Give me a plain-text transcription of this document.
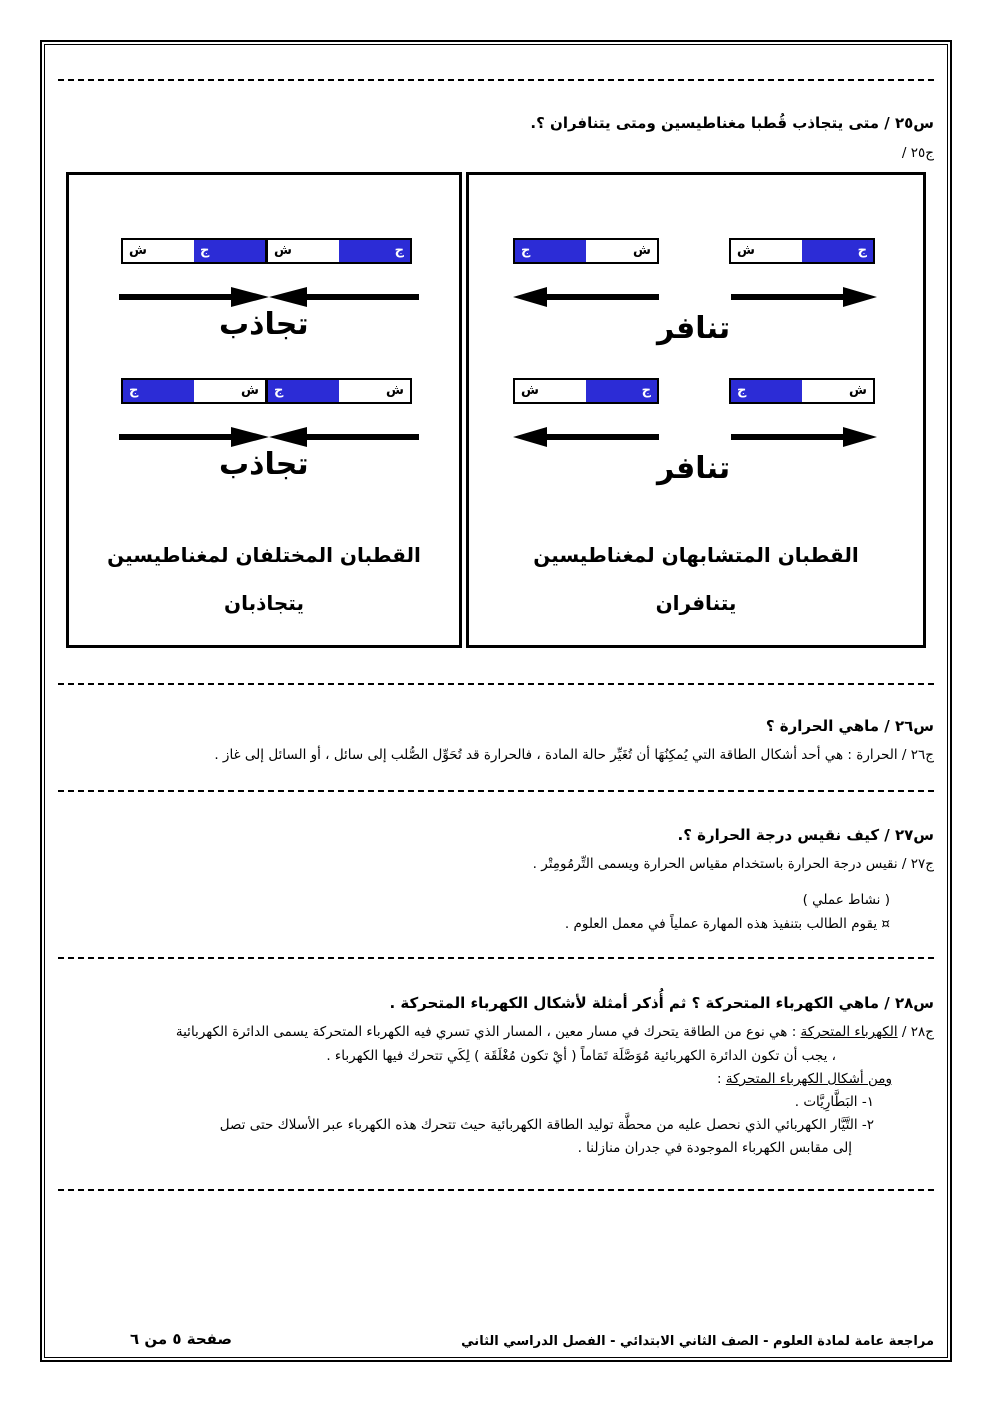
س٢٥ / متى يتجاذب قُطبا مغناطيسين ومتى يتنافران ؟.
ج٢٥ /
ش	ج	ش	ج
تجاذب
ج	ش ج	ش
تجاذب
القطبان المختلفان لمغناطيسين
يتجاذبان
ج	ش	ش	ج
تنافر
ش	ج	ج	ش
تنافر
القطبان المتشابهان لمغناطيسين
يتنافران
س٢٦ / ماهي الحرارة ؟
ج٢٦ / الحرارة : هي أحد أشكال الطاقة التي يُمكِنُهَا أن تُغَيِّر حالة المادة ، فالحرارة قد تُحَوِّل الصُّلب إلى سائل ، أو السائل إلى غاز .
س٢٧ / كيف نقيس درجة الحرارة ؟.
ج٢٧ / نقيس درجة الحرارة باستخدام مقياس الحرارة ويسمى التِّرمُومِتْر .
( نشاط عملي )
¤ يقوم الطالب بتنفيذ هذه المهارة عملياً في معمل العلوم .
س٢٨ / ماهي الكهرباء المتحركة ؟ ثم أُذكر أمثلة لأشكال الكهرباء المتحركة .
ج٢٨ / الكهرباء المتحركة : هي نوع من الطاقة يتحرك في مسار معين ، المسار الذي تسري فيه الكهرباء المتحركة يسمى الدائرة الكهربائية
، يجب أن تكون الدائرة الكهربائية مُوَصَّلَة تَمَاماً ( أيْ تكون مُغْلَقَة ) لِكَي تتحرك فيها الكهرباء .
ومن أشكال الكهرباء المتحركة :
١- البَطَّارِيَّات .
٢- التَّيَّار الكهربائي الذي نحصل عليه من محطَّة توليد الطاقة الكهربائية حيث تتحرك هذه الكهرباء عبر الأسلاك حتى تصل
إلى مقابس الكهرباء الموجودة في جدران منازلنا .
مراجعة عامة لمادة العلوم - الصف الثاني الابتدائي - الفصل الدراسي الثاني
صفحة ٥ من ٦
